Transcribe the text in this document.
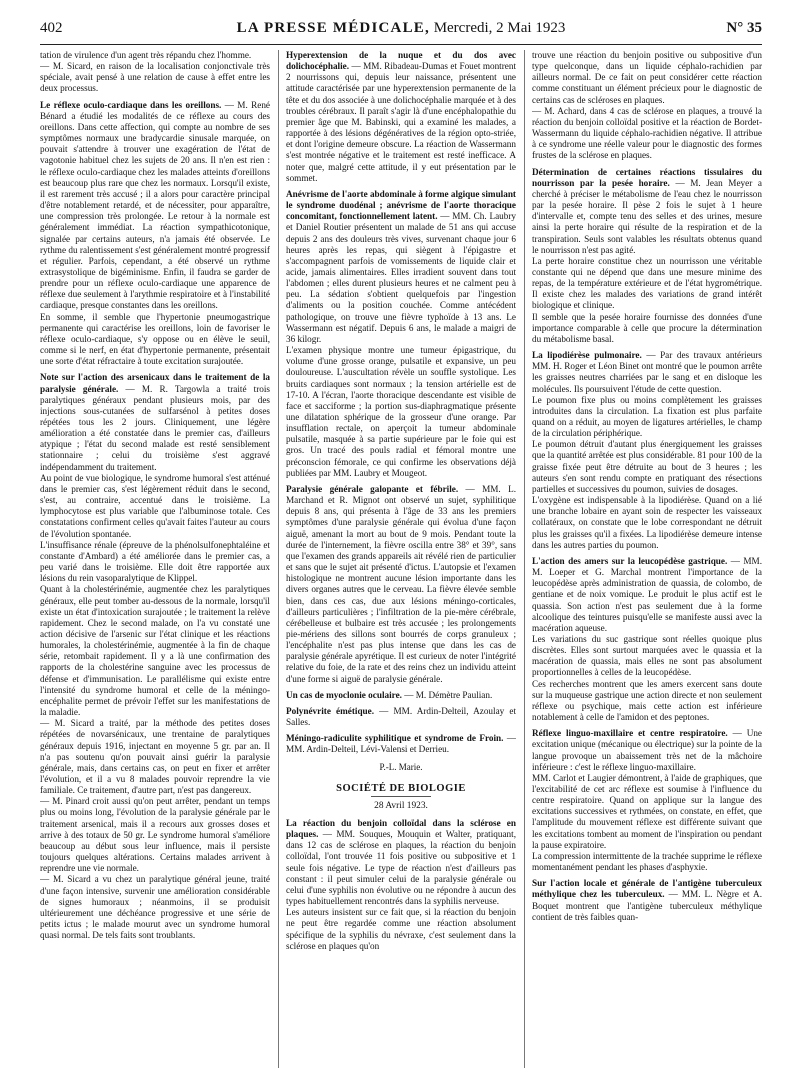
402	LA PRESSE MÉDICALE, Mercredi, 2 Mai 1923	N° 35

tation de virulence d'un agent très répandu chez l'homme.

— M. Sicard, en raison de la localisation conjonctivale très spéciale, avait pensé à une relation de cause à effet entre les deux processus.

Le réflexe oculo-cardiaque dans les oreillons. — M. René Bénard a étudié les modalités de ce réflexe au cours des oreillons. Dans cette affection, qui compte au nombre de ses symptômes normaux une bradycardie sinusale marquée, on pouvait s'attendre à trouver une exagération de l'état de vagotonie habituel chez les sujets de 20 ans. Il n'en est rien : le réflexe oculo-cardiaque chez les malades atteints d'oreillons est beaucoup plus rare que chez les normaux. Lorsqu'il existe, il est rarement très accusé ; il a alors pour caractère principal d'être notablement retardé, et de nécessiter, pour apparaître, une compression très prolongée. Le retour à la normale est généralement immédiat. La réaction sympathicotonique, signalée par certains auteurs, n'a jamais été observée. Le rythme du ralentissement s'est généralement montré progressif et régulier. Parfois, cependant, a été observé un rythme extrasystolique de bigéminisme. Enfin, il faudra se garder de prendre pour un réflexe oculo-cardiaque une apparence de réflexe due seulement à l'arythmie respiratoire et à l'instabilité cardiaque, presque constantes dans les oreillons.

En somme, il semble que l'hypertonie pneumogastrique permanente qui caractérise les oreillons, loin de favoriser le réflexe oculo-cardiaque, s'y oppose ou en élève le seuil, comme si le nerf, en état d'hypertonie permanente, présentait une sorte d'état réfractaire à toute excitation surajoutée.

Note sur l'action des arsenicaux dans le traitement de la paralysie générale. — M. R. Targowla a traité trois paralytiques généraux pendant plusieurs mois, par des injections sous-cutanées de sulfarsénol à petites doses répétées tous les 2 jours. Cliniquement, une légère amélioration a été constatée dans le premier cas, d'ailleurs atypique ; l'état du second malade est resté sensiblement stationnaire ; celui du troisième s'est aggravé indépendamment du traitement.

Au point de vue biologique, le syndrome humoral s'est atténué dans le premier cas, s'est légèrement réduit dans le second, s'est, au contraire, accentué dans le troisième. La lymphocytose est plus variable que l'albuminose totale. Ces constatations confirment celles qu'avait faites l'auteur au cours de l'évolution spontanée.

L'insuffisance rénale (épreuve de la phénolsulfonephtaléine et constante d'Ambard) a été améliorée dans le premier cas, a peu varié dans le troisième. Elle doit être rapportée aux lésions du rein vasoparalytique de Klippel.

Quant à la cholestérinémie, augmentée chez les paralytiques généraux, elle peut tomber au-dessous de la normale, lorsqu'il existe un état d'intoxication surajoutée ; le traitement la relève rapidement. Chez le second malade, on l'a vu constaté une action décisive de l'arsenic sur l'état clinique et les réactions humorales, la cholestérinémie, augmentée à la fin de chaque série, retombait rapidement. Il y a là une confirmation des rapports de la cholestérine sanguine avec les processus de défense et d'immunisation. Le parallélisme qui existe entre l'intensité du syndrome humoral et celle de la méningo-encéphalite permet de prévoir l'effet sur les manifestations de la maladie.

— M. Sicard a traité, par la méthode des petites doses répétées de novarsénicaux, une trentaine de paralytiques généraux depuis 1916, injectant en moyenne 5 gr. par an. Il n'a pas soutenu qu'on pouvait ainsi guérir la paralysie générale, mais, dans certains cas, on peut en fixer et arrêter l'évolution, et il a vu 8 malades pouvoir reprendre la vie familiale. Ce traitement, d'autre part, n'est pas dangereux.

— M. Pinard croit aussi qu'on peut arrêter, pendant un temps plus ou moins long, l'évolution de la paralysie générale par le traitement arsenical, mais il a recours aux grosses doses et arrive à des totaux de 50 gr. Le syndrome humoral s'améliore beaucoup au début sous leur influence, mais il persiste toujours quelques altérations. Certains malades arrivent à reprendre une vie normale.

— M. Sicard a vu chez un paralytique général jeune, traité d'une façon intensive, survenir une amélioration considérable de signes humoraux ; néanmoins, il se produisit ultérieurement une déchéance progressive et une série de petits ictus ; le malade mourut avec un syndrome humoral quasi normal. De tels faits sont troublants.

Hyperextension de la nuque et du dos avec dolichocéphalie. — MM. Ribadeau-Dumas et Fouet montrent 2 nourrissons qui, depuis leur naissance, présentent une attitude caractérisée par une hyperextension permanente de la tête et du dos associée à une dolichocéphalie marquée et à des troubles cérébraux. Il paraît s'agir là d'une encéphalopathie du premier âge que M. Babinski, qui a examiné les malades, a rapportée à des lésions dégénératives de la région opto-striée, et dont l'origine demeure obscure. La réaction de Wassermann s'est montrée négative et le traitement est resté inefficace. A noter que, malgré cette attitude, il y eut présentation par le sommet.

Anévrisme de l'aorte abdominale à forme algique simulant le syndrome duodénal ; anévrisme de l'aorte thoracique concomitant, fonctionnellement latent. — MM. Ch. Laubry et Daniel Routier présentent un malade de 51 ans qui accuse depuis 2 ans des douleurs très vives, survenant chaque jour 6 heures après les repas, qui siègent à l'épigastre et s'accompagnent parfois de vomissements de liquide clair et acide, jamais alimentaires. Elles irradient souvent dans tout l'abdomen ; elles durent plusieurs heures et ne calment peu à peu. La sédation s'obtient quelquefois par l'ingestion d'aliments ou la position couchée. Comme antécédent pathologique, on trouve une fièvre typhoïde à 13 ans. Le Wassermann est négatif. Depuis 6 ans, le malade a maigri de 36 kilogr.

L'examen physique montre une tumeur épigastrique, du volume d'une grosse orange, pulsatile et expansive, un peu douloureuse. L'auscultation révèle un souffle systolique. Les bruits cardiaques sont normaux ; la tension artérielle est de 17-10. A l'écran, l'aorte thoracique descendante est visible de face et sacciforme ; la portion sus-diaphragmatique présente une dilatation sphérique de la grosseur d'une orange. Par insufflation rectale, on aperçoit la tumeur abdominale pulsatile, masquée à sa partie supérieure par le foie qui est gros. Un tracé des pouls radial et fémoral montre une préconscion fémorale, ce qui confirme les observations déjà publiées par MM. Laubry et Mougeot.

Paralysie générale galopante et fébrile. — MM. L. Marchand et R. Mignot ont observé un sujet, syphilitique depuis 8 ans, qui présenta à l'âge de 33 ans les premiers symptômes d'une paralysie générale qui évolua d'une façon aiguë, amenant la mort au bout de 9 mois. Pendant toute la durée de l'internement, la fièvre oscilla entre 38° et 39°, sans que l'examen des grands appareils ait révélé rien de particulier et sans que le sujet ait présenté d'ictus. L'autopsie et l'examen histologique ne montrent aucune lésion importante dans les divers organes autres que le cerveau. La fièvre élevée semble bien, dans ces cas, due aux lésions méningo-corticales, d'ailleurs particulières ; l'infiltration de la pie-mère cérébrale, cérébelleuse et bulbaire est très accusée ; les prolongements pie-mériens des sillons sont bourrés de corps granuleux ; l'encéphalite n'est pas plus intense que dans les cas de paralysie générale apyrétique. Il est curieux de noter l'intégrité relative du foie, de la rate et des reins chez un individu atteint d'une forme si aiguë de paralysie générale.

Un cas de myoclonie oculaire. — M. Démètre Paulian.

Polynévrite émétique. — MM. Ardin-Delteil, Azoulay et Salles.

Méningo-radiculite syphilitique et syndrome de Froin. — MM. Ardin-Delteil, Lévi-Valensi et Derrieu.

P.-L. Marie.
SOCIÉTÉ DE BIOLOGIE
28 Avril 1923.

La réaction du benjoin colloïdal dans la sclérose en plaques. — MM. Souques, Mouquin et Walter, pratiquant, dans 12 cas de sclérose en plaques, la réaction du benjoin colloïdal, l'ont trouvée 11 fois positive ou subpositive et 1 seule fois négative. Le type de réaction n'est d'ailleurs pas constant : il peut simuler celui de la paralysie générale ou celui d'une syphilis non évolutive ou ne répondre à aucun des types habituellement rencontrés dans la syphilis nerveuse.

Les auteurs insistent sur ce fait que, si la réaction du benjoin ne peut être regardée comme une réaction absolument spécifique de la syphilis du névraxe, c'est seulement dans la sclérose en plaques qu'on

trouve une réaction du benjoin positive ou subpositive d'un type quelconque, dans un liquide céphalo-rachidien par ailleurs normal. De ce fait on peut considérer cette réaction comme constituant un élément précieux pour le diagnostic de certains cas de scléroses en plaques.

— M. Achard, dans 4 cas de sclérose en plaques, a trouvé la réaction du benjoin colloïdal positive et la réaction de Bordet-Wassermann du liquide céphalo-rachidien négative. Il attribue à ce syndrome une réelle valeur pour le diagnostic des formes frustes de la sclérose en plaques.

Détermination de certaines réactions tissulaires du nourrisson par la pesée horaire. — M. Jean Meyer a cherché à préciser le métabolisme de l'eau chez le nourrisson par la pesée horaire. Il pèse 2 fois le sujet à 1 heure d'intervalle et, compte tenu des selles et des urines, mesure ainsi la perte horaire qui résulte de la respiration et de la transpiration. Seuls sont valables les résultats obtenus quand le nourrisson n'est pas agité.

La perte horaire constitue chez un nourrisson une véritable constante qui ne dépend que dans une mesure minime des repas, de la température extérieure et de l'état hygrométrique. Il existe chez les malades des variations de grand intérêt biologique et clinique.

Il semble que la pesée horaire fournisse des données d'une importance comparable à celle que procure la détermination du métabolisme basal.

La lipodiérèse pulmonaire. — Par des travaux antérieurs MM. H. Roger et Léon Binet ont montré que le poumon arrête les graisses neutres charriées par le sang et en disloque les molécules. Ils poursuivent l'étude de cette question.

Le poumon fixe plus ou moins complètement les graisses introduites dans la circulation. La fixation est plus parfaite quand on a réduit, au moyen de ligatures artérielles, le champ de la circulation périphérique.

Le poumon détruit d'autant plus énergiquement les graisses que la quantité arrêtée est plus considérable. 81 pour 100 de la graisse fixée peut être détruite au bout de 3 heures ; les auteurs s'en sont rendu compte en pratiquant des résections partielles et successives du poumon, suivies de dosages.

L'oxygène est indispensable à la lipodiérèse. Quand on a lié une branche lobaire en ayant soin de respecter les vaisseaux collatéraux, on constate que le lobe correspondant ne détruit plus les graisses qu'il a fixées. La lipodiérèse demeure intense dans les autres parties du poumon.

L'action des amers sur la leucopédèse gastrique. — MM. M. Loeper et G. Marchal montrent l'importance de la leucopédèse après administration de quassia, de colombo, de gentiane et de noix vomique. Le produit le plus actif est le quassia. Son action n'est pas seulement due à la forme alcoolique des teintures puisqu'elle se manifeste aussi avec la macération aqueuse.

Les variations du suc gastrique sont réelles quoique plus discrètes. Elles sont surtout marquées avec le quassia et la macération de quassia, mais elles ne sont pas absolument proportionnelles à celles de la leucopédèse.

Ces recherches montrent que les amers exercent sans doute sur la muqueuse gastrique une action directe et non seulement réflexe ou psychique, mais cette action est inférieure notablement à celle de l'amidon et des peptones.

Réflexe linguo-maxillaire et centre respiratoire. — Une excitation unique (mécanique ou électrique) sur la pointe de la langue provoque un abaissement très net de la mâchoire inférieure : c'est le réflexe linguo-maxillaire.

MM. Carlot et Laugier démontrent, à l'aide de graphiques, que l'excitabilité de cet arc réflexe est soumise à l'influence du centre respiratoire. Quand on applique sur la langue des excitations successives et rythmées, on constate, en effet, que l'amplitude du mouvement réflexe est différente suivant que les excitations tombent au moment de l'inspiration ou pendant la pause expiratoire.

La compression intermittente de la trachée supprime le réflexe momentanément pendant les phases d'asphyxie.

Sur l'action locale et générale de l'antigène tuberculeux méthylique chez les tuberculeux. — MM. L. Nègre et A. Boquet montrent que l'antigène tuberculeux méthylique contient de très faibles quan-
